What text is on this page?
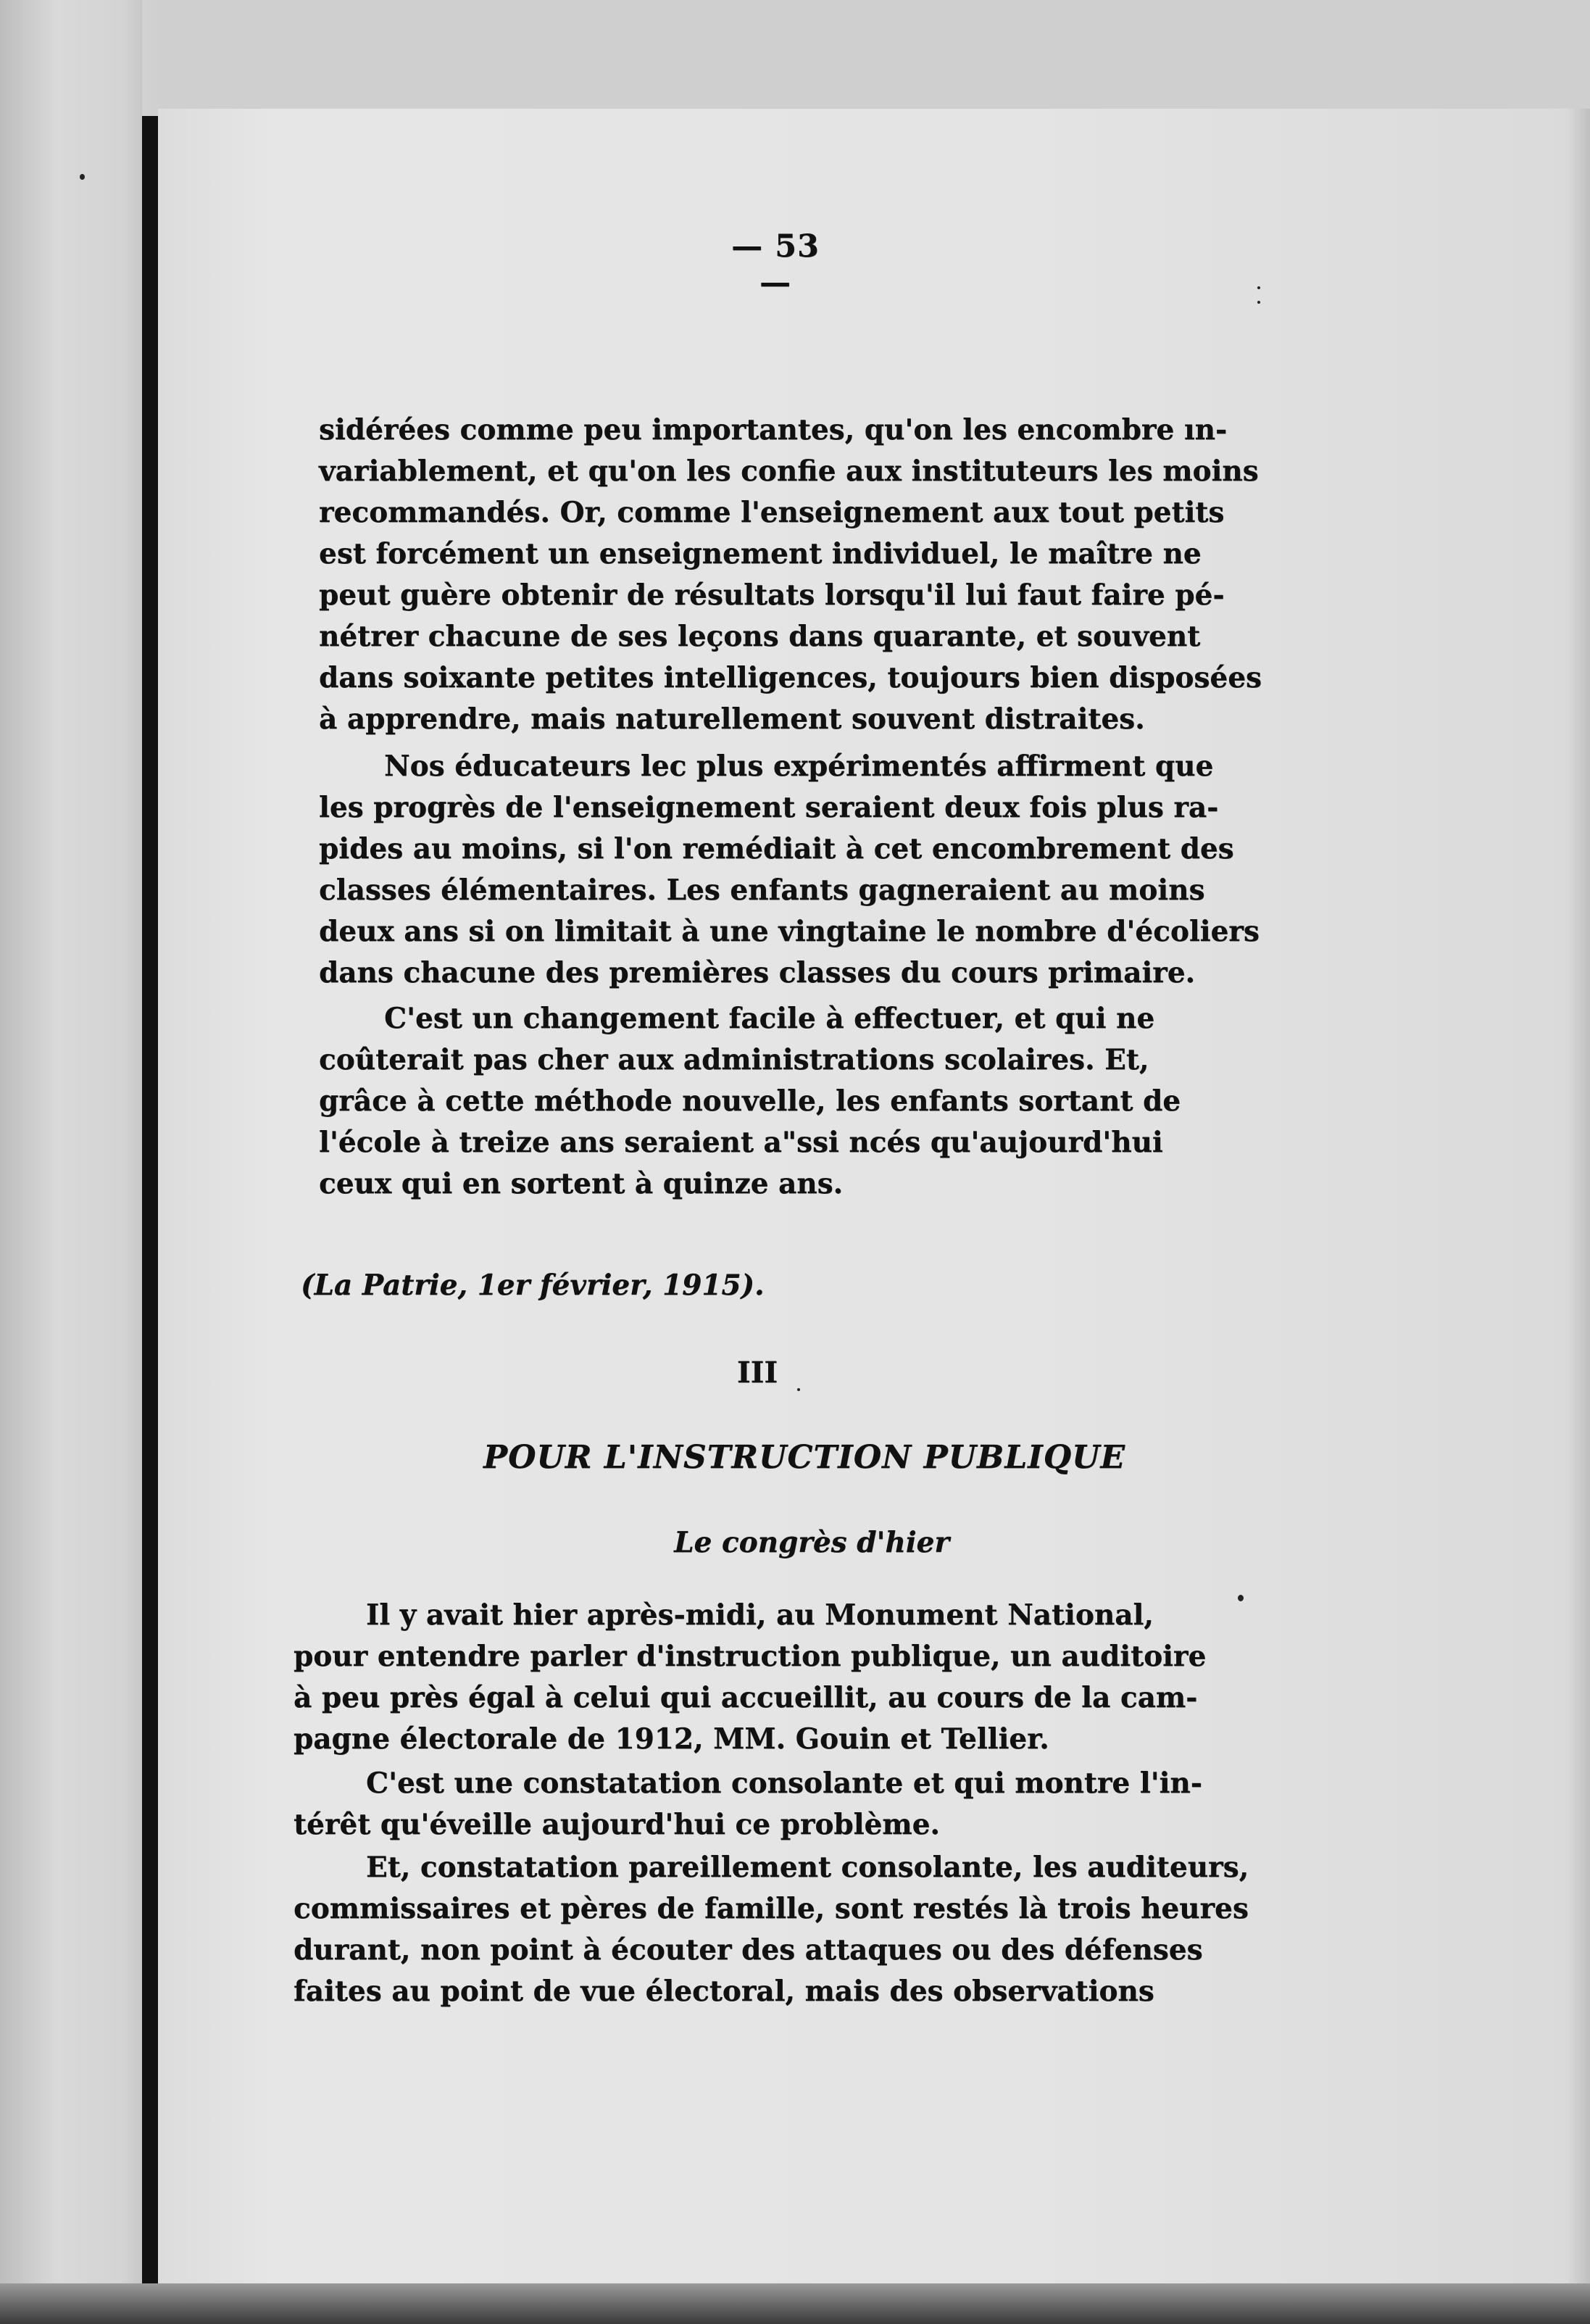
— 53 —
sidérées comme peu importantes, qu'on les encombre ın-
variablement, et qu'on les confie aux instituteurs les moins
recommandés. Or, comme l'enseignement aux tout petits
est forcément un enseignement individuel, le maître ne
peut guère obtenir de résultats lorsqu'il lui faut faire pé-
nétrer chacune de ses leçons dans quarante, et souvent
dans soixante petites intelligences, toujours bien disposées
à apprendre, mais naturellement souvent distraites.
Nos éducateurs lec plus expérimentés affirment que
les progrès de l'enseignement seraient deux fois plus ra-
pides au moins, si l'on remédiait à cet encombrement des
classes élémentaires. Les enfants gagneraient au moins
deux ans si on limitait à une vingtaine le nombre d'écoliers
dans chacune des premières classes du cours primaire.
C'est un changement facile à effectuer, et qui ne
coûterait pas cher aux administrations scolaires. Et,
grâce à cette méthode nouvelle, les enfants sortant de
l'école à treize ans seraient a"ssi ncés qu'aujourd'hui
ceux qui en sortent à quinze ans.
(La Patrie, 1er février, 1915).
III
POUR L'INSTRUCTION PUBLIQUE
Le congrès d'hier
Il y avait hier après-midi, au Monument National,
pour entendre parler d'instruction publique, un auditoire
à peu près égal à celui qui accueillit, au cours de la cam-
pagne électorale de 1912, MM. Gouin et Tellier.
C'est une constatation consolante et qui montre l'in-
térêt qu'éveille aujourd'hui ce problème.
Et, constatation pareillement consolante, les auditeurs,
commissaires et pères de famille, sont restés là trois heures
durant, non point à écouter des attaques ou des défenses
faites au point de vue électoral, mais des observations
